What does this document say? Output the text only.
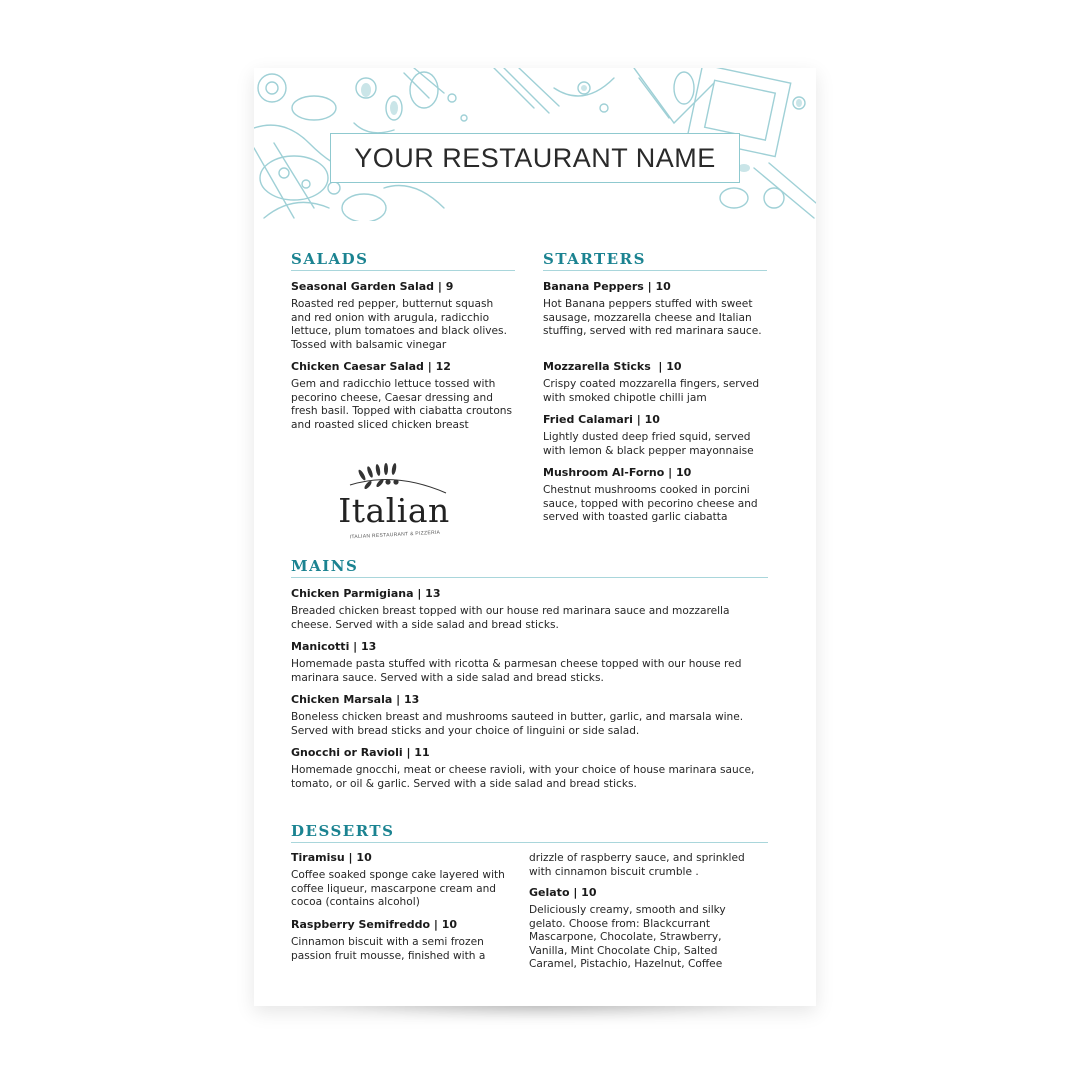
YOUR RESTAURANT NAME
SALADS

Seasonal Garden Salad | 9

Roasted red pepper, butternut squash and red onion with arugula, radicchio lettuce, plum tomatoes and black olives. Tossed with balsamic vinegar

Chicken Caesar Salad | 12

Gem and radicchio lettuce tossed with pecorino cheese, Caesar dressing and fresh basil. Topped with ciabatta croutons and roasted sliced chicken breast

Italian
ITALIAN RESTAURANT & PIZZERIA
STARTERS

Banana Peppers | 10

Hot Banana peppers stuffed with sweet sausage, mozzarella cheese and Italian stuffing, served with red marinara sauce.

Mozzarella Sticks  | 10

Crispy coated mozzarella fingers, served with smoked chipotle chilli jam

Fried Calamari | 10

Lightly dusted deep fried squid, served with lemon & black pepper mayonnaise

Mushroom Al-Forno | 10

Chestnut mushrooms cooked in porcini sauce, topped with pecorino cheese and served with toasted garlic ciabatta

MAINS

Chicken Parmigiana | 13

Breaded chicken breast topped with our house red marinara sauce and mozzarella cheese. Served with a side salad and bread sticks.

Manicotti | 13

Homemade pasta stuffed with ricotta & parmesan cheese topped with our house red marinara sauce. Served with a side salad and bread sticks.

Chicken Marsala | 13

Boneless chicken breast and mushrooms sauteed in butter, garlic, and marsala wine. Served with bread sticks and your choice of linguini or side salad.

Gnocchi or Ravioli | 11

Homemade gnocchi, meat or cheese ravioli, with your choice of house marinara sauce, tomato, or oil & garlic. Served with a side salad and bread sticks.

DESSERTS

Tiramisu | 10

Coffee soaked sponge cake layered with coffee liqueur, mascarpone cream and cocoa (contains alcohol)

Raspberry Semifreddo | 10

Cinnamon biscuit with a semi frozen passion fruit mousse, finished with a

drizzle of raspberry sauce, and sprinkled with cinnamon biscuit crumble .

Gelato | 10

Deliciously creamy, smooth and silky gelato. Choose from: Blackcurrant Mascarpone, Chocolate, Strawberry, Vanilla, Mint Chocolate Chip, Salted Caramel, Pistachio, Hazelnut, Coffee
